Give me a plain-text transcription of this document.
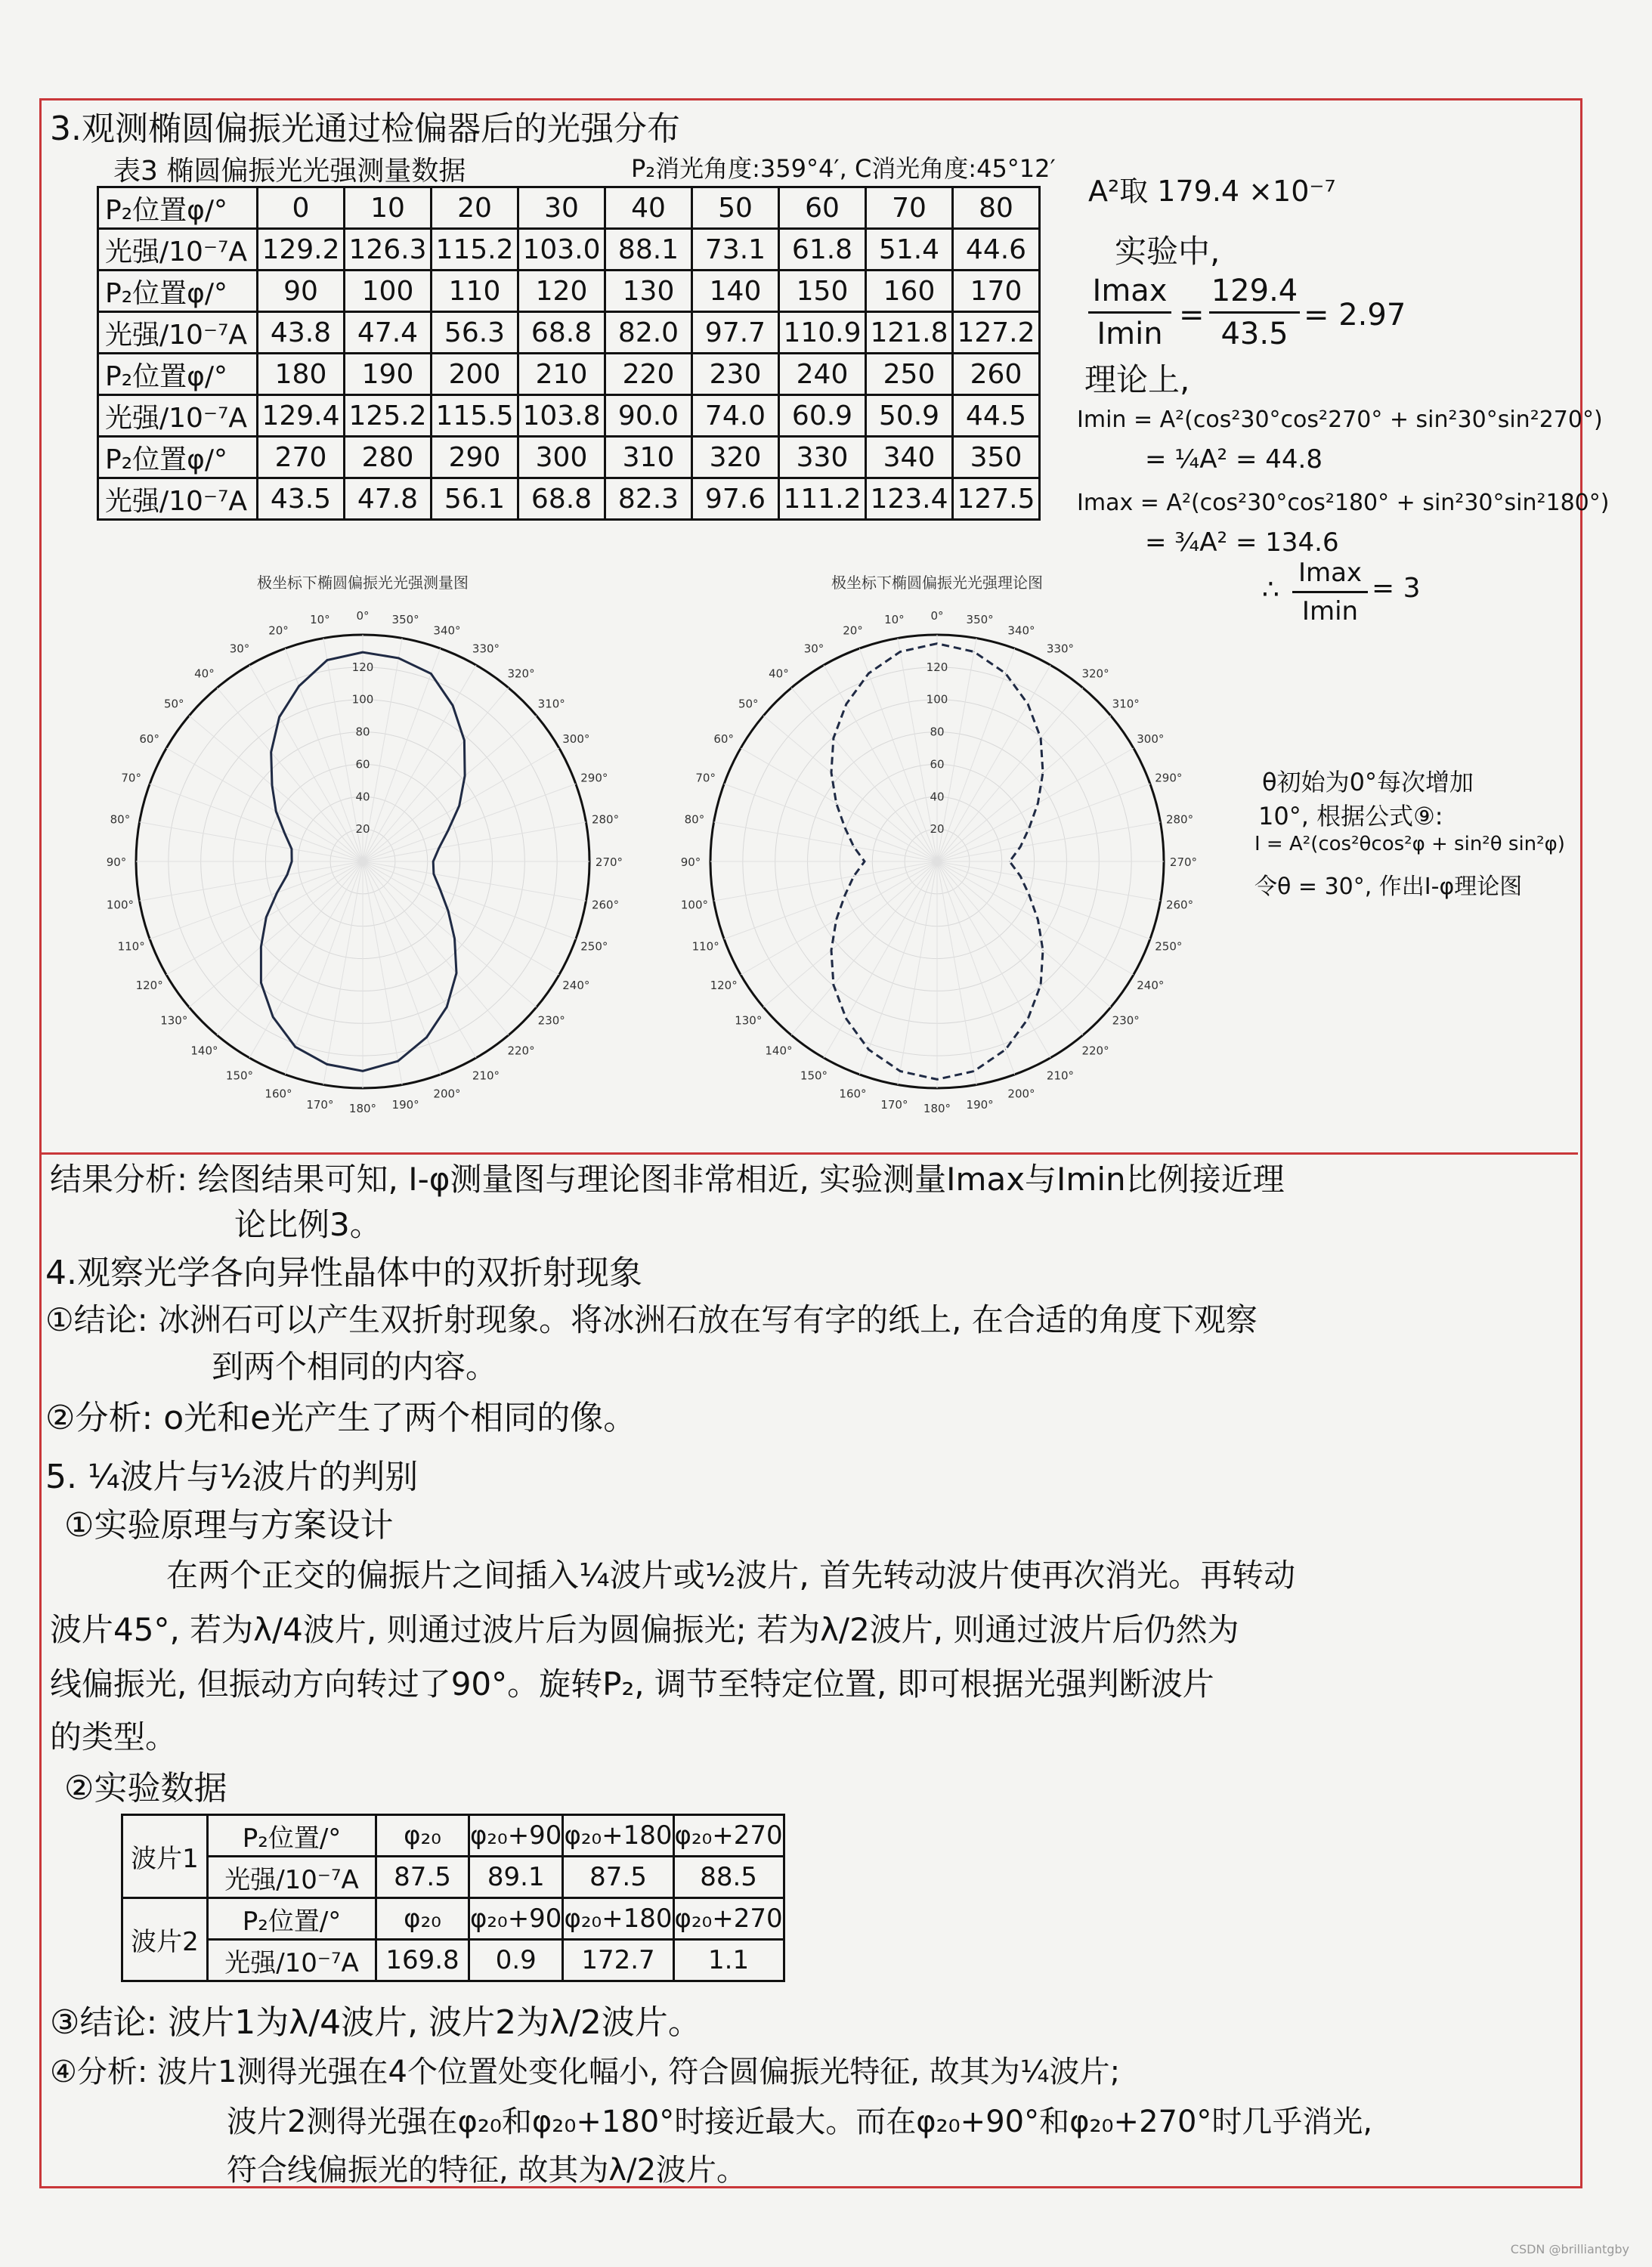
3.观测椭圆偏振光通过检偏器后的光强分布
表3 椭圆偏振光光强测量数据	P₂消光角度:359°4′, C消光角度:45°12′
P₂位置φ/°	0	10	20	30	40	50	60	70	80
光强/10⁻⁷A	129.2	126.3	115.2	103.0	88.1	73.1	61.8	51.4	44.6
P₂位置φ/°	90	100	110	120	130	140	150	160	170
光强/10⁻⁷A	43.8	47.4	56.3	68.8	82.0	97.7	110.9	121.8	127.2
P₂位置φ/°	180	190	200	210	220	230	240	250	260
光强/10⁻⁷A	129.4	125.2	115.5	103.8	90.0	74.0	60.9	50.9	44.5
P₂位置φ/°	270	280	290	300	310	320	330	340	350
光强/10⁻⁷A	43.5	47.8	56.1	68.8	82.3	97.6	111.2	123.4	127.5
A²取 179.4 ×10⁻⁷
实验中,
Imax
Imin
=
129.4
43.5
= 2.97
理论上,
Imin = A²(cos²30°cos²270° + sin²30°sin²270°)
= ¼A² = 44.8
Imax = A²(cos²30°cos²180° + sin²30°sin²180°)
= ¾A² = 134.6
∴
Imax
Imin
= 3
极坐标下椭圆偏振光光强测量图
0°
10°
20°
30°
40°
50°
60°
70°
80°
90°
100°
110°
120°
130°
140°
150°
160°
170° 180° 190°
200°
210°
220°
230°
240°
250°
260°
270°
280°
290°
300°
310°
320°
330°
340°
350°
20
40
60
80
100
120
极坐标下椭圆偏振光光强理论图
0°
10°
20°
30°
40°
50°
60°
70°
80°
90°
100°
110°
120°
130°
140°
150°
160°
170° 180° 190°
200°
210°
220°
230°
240°
250°
260°
270°
280°
290°
300°
310°
320°
330°
340°
350°
20
40
60
80
100
120
θ初始为0°每次增加
10°, 根据公式⑨:
I = A²(cos²θcos²φ + sin²θ sin²φ)
令θ = 30°, 作出I-φ理论图
结果分析: 绘图结果可知, I-φ测量图与理论图非常相近, 实验测量Imax与Imin比例接近理
论比例3。
4.观察光学各向异性晶体中的双折射现象
①结论: 冰洲石可以产生双折射现象。将冰洲石放在写有字的纸上, 在合适的角度下观察
到两个相同的内容。
②分析: o光和e光产生了两个相同的像。
5. ¼波片与½波片的判别
①实验原理与方案设计
在两个正交的偏振片之间插入¼波片或½波片, 首先转动波片使再次消光。再转动
波片45°, 若为λ/4波片, 则通过波片后为圆偏振光; 若为λ/2波片, 则通过波片后仍然为
线偏振光, 但振动方向转过了90°。旋转P₂, 调节至特定位置, 即可根据光强判断波片
的类型。
②实验数据
波片1	P₂位置/°	φ₂₀	φ₂₀+90	φ₂₀+180	φ₂₀+270
	光强/10⁻⁷A	87.5	89.1	87.5	88.5
波片2	P₂位置/°	φ₂₀	φ₂₀+90	φ₂₀+180	φ₂₀+270
	光强/10⁻⁷A	169.8	0.9	172.7	1.1
③结论: 波片1为λ/4波片, 波片2为λ/2波片。
④分析: 波片1测得光强在4个位置处变化幅小, 符合圆偏振光特征, 故其为¼波片;
波片2测得光强在φ₂₀和φ₂₀+180°时接近最大。而在φ₂₀+90°和φ₂₀+270°时几乎消光,
符合线偏振光的特征, 故其为λ/2波片。
CSDN @brilliantgby
